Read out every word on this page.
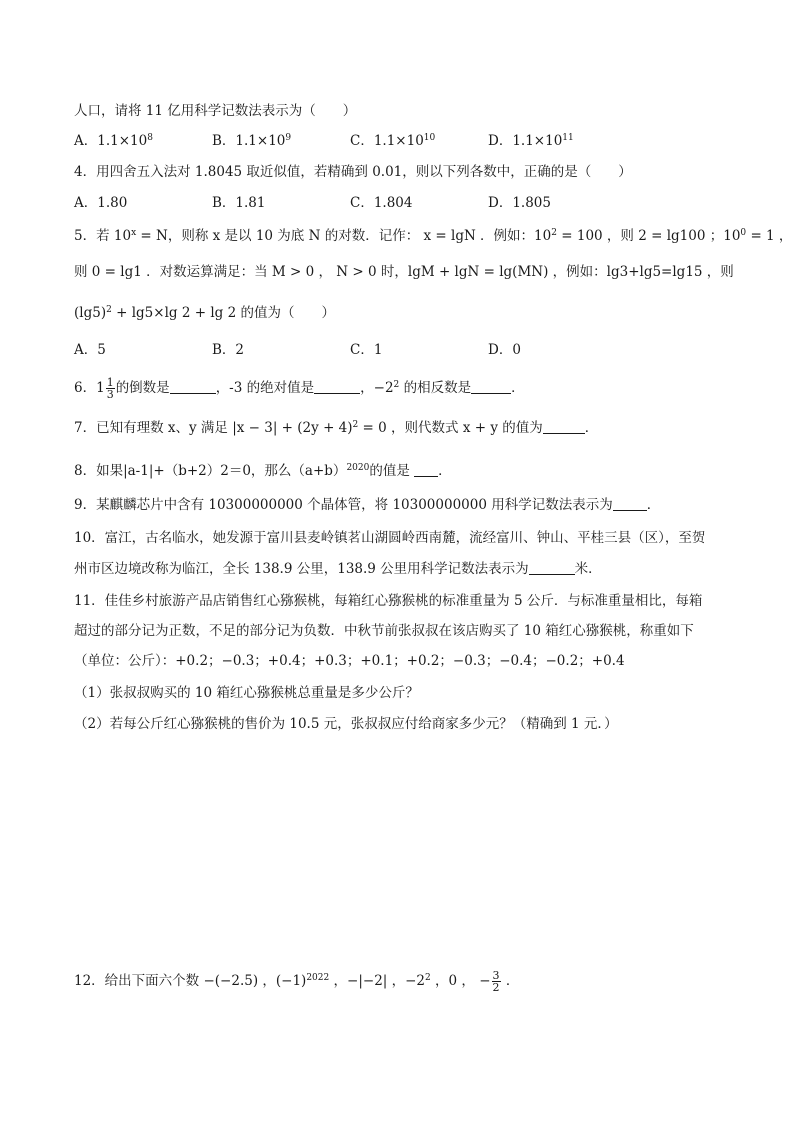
人口，请将 11 亿用科学记数法表示为（　　）
A．$1.1\times 10^8$	B．$1.1\times 10^9$	C．$1.1\times 10^{10}$	D．$1.1\times 10^{11}$
4．用四舍五入法对 1.8045 取近似值，若精确到 0.01，则以下列各数中，正确的是（　　）
A．1.80	B．1.81	C．1.804	D．1.805
5．若 $10^x = N$，则称 x 是以 10 为底 N 的对数．记作： x = lgN ．例如：$10^2 = 100$ ，则 2 = lg100 ；$10^0 = 1$ ，
则 0 = lg1 ．对数运算满足：当 M > 0 ， N > 0 时，lgM + lgN = lg(MN) ，例如：lg3+lg5=lg15 ，则
$(\lg 5)^2 + \lg 5\times\lg$ 2 + lg 2 的值为（　　）
A．5	B．2	C．1	D．0
6．$1 \frac{1}{3}$ 的倒数是	，-3 的绝对值是	，$-2^2$ 的相反数是	．
7．已知有理数 x、y 满足 $|x - 3| + (2y + 4)^2 = 0$ ，则代数式 x + y 的值为	．
8．如果|a-1|+（b+2）2＝0，那么$(a+b)^{2020}$的值是 ．
9．某麒麟芯片中含有 10300000000 个晶体管，将 10300000000 用科学记数法表示为	．
10．富江，古名临水，她发源于富川县麦岭镇茗山湖圆岭西南麓，流经富川、钟山、平桂三县（区），至贺
州市区边境改称为临江，全长 138.9 公里，138.9 公里用科学记数法表示为	米．
11．佳佳乡村旅游产品店销售红心猕猴桃，每箱红心猕猴桃的标准重量为 5 公斤．与标准重量相比，每箱
超过的部分记为正数，不足的部分记为负数．中秋节前张叔叔在该店购买了 10 箱红心猕猴桃，称重如下
（单位：公斤）：+0.2；−0.3；+0.4；+0.3；+0.1；+0.2；−0.3；−0.4；−0.2；+0.4
（1）张叔叔购买的 10 箱红心猕猴桃总重量是多少公斤？
（2）若每公斤红心猕猴桃的售价为 10.5 元，张叔叔应付给商家多少元？（精确到 1 元．）
12．给出下面六个数 −(−2.5) ，$(-1)^{2022}$ ，−|−2| ，$-2^2$ ，0 ， − $\frac{3}{2}$ ．
